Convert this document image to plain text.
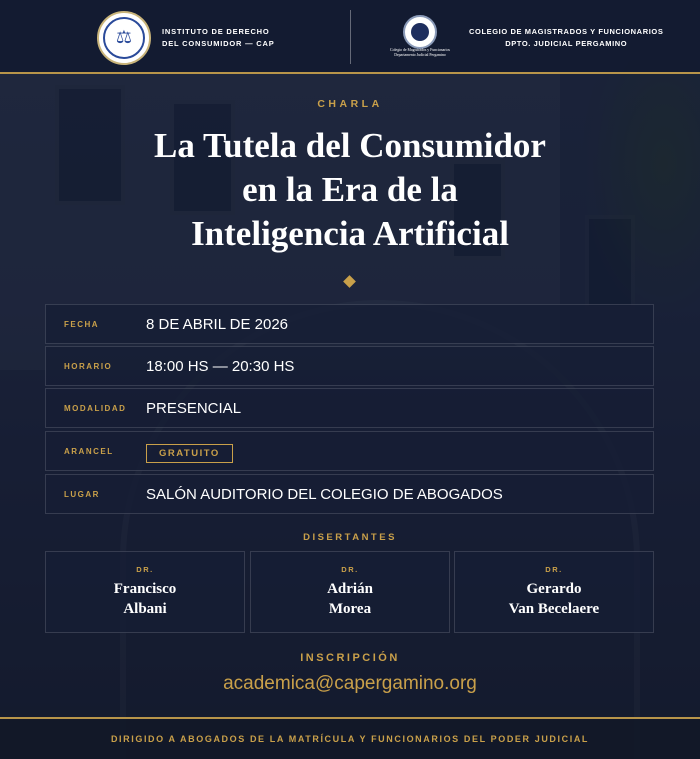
⚖	INSTITUTO DE DERECHO
DEL CONSUMIDOR — CAP
Colegio de Magistrados y Funcionarios
Departamento Judicial Pergamino
COLEGIO DE MAGISTRADOS Y FUNCIONARIOS
DPTO. JUDICIAL PERGAMINO
CHARLA
La Tutela del Consumidor
en la Era de la
Inteligencia Artificial
FECHA	8 DE ABRIL DE 2026
HORARIO	18:00 HS — 20:30 HS
MODALIDAD	PRESENCIAL
ARANCEL	GRATUITO
LUGAR	SALÓN AUDITORIO DEL COLEGIO DE ABOGADOS
DISERTANTES
DR.
Francisco
Albani
DR.
Adrián
Morea
DR.
Gerardo
Van Becelaere
INSCRIPCIÓN
academica@capergamino.org
DIRIGIDO A ABOGADOS DE LA MATRÍCULA Y FUNCIONARIOS DEL PODER JUDICIAL
